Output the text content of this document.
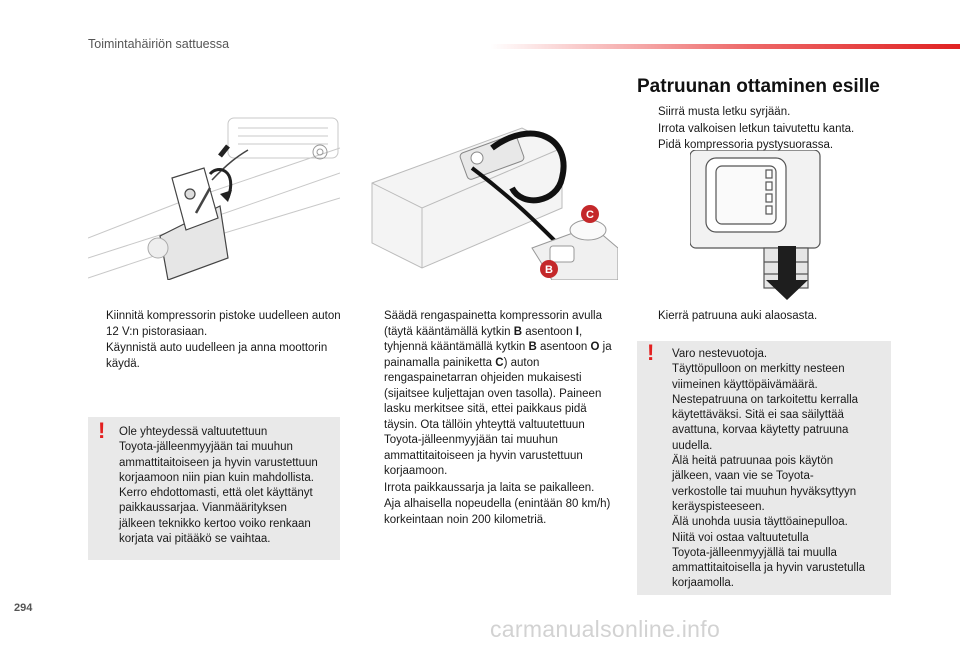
Toimintahäiriön sattuessa
C
B
Patruunan ottaminen esille
Siirrä musta letku syrjään.
Irrota valkoisen letkun taivutettu kanta.
Pidä kompressoria pystysuorassa.
Kierrä patruuna auki alaosasta.
Kiinnitä kompressorin pistoke uudelleen auton 12 V:n pistorasiaan.
Käynnistä auto uudelleen ja anna moottorin käydä.
Säädä rengaspainetta kompressorin avulla (täytä kääntämällä kytkin B asentoon I, tyhjennä kääntämällä kytkin B asentoon O ja painamalla painiketta C) auton rengaspainetarran ohjeiden mukaisesti (sijaitsee kuljettajan oven tasolla). Paineen lasku merkitsee sitä, ettei paikkaus pidä täysin. Ota tällöin yhteyttä valtuutettuun Toyota-jälleenmyyjään tai muuhun ammattitaitoiseen ja hyvin varustettuun korjaamoon.
Irrota paikkaussarja ja laita se paikalleen.
Aja alhaisella nopeudella (enintään 80 km/h) korkeintaan noin 200 kilometriä.
! Ole yhteydessä valtuutettuun
Toyota-jälleenmyyjään tai muuhun
ammattitaitoiseen ja hyvin varustettuun
korjaamoon niin pian kuin mahdollista.
Kerro ehdottomasti, että olet käyttänyt
paikkaussarjaa. Vianmäärityksen
jälkeen teknikko kertoo voiko renkaan
korjata vai pitääkö se vaihtaa.
! Varo nestevuotoja.
Täyttöpulloon on merkitty nesteen
viimeinen käyttöpäivämäärä.
Nestepatruuna on tarkoitettu kerralla
käytettäväksi. Sitä ei saa säilyttää
avattuna, korvaa käytetty patruuna
uudella.
Älä heitä patruunaa pois käytön
jälkeen, vaan vie se Toyota-
verkostolle tai muuhun hyväksyttyyn
keräyspisteeseen.
Älä unohda uusia täyttöainepulloa.
Niitä voi ostaa valtuutetulla
Toyota-jälleenmyyjällä tai muulla
ammattitaitoisella ja hyvin varustetulla
korjaamolla.
294
carmanualsonline.info
